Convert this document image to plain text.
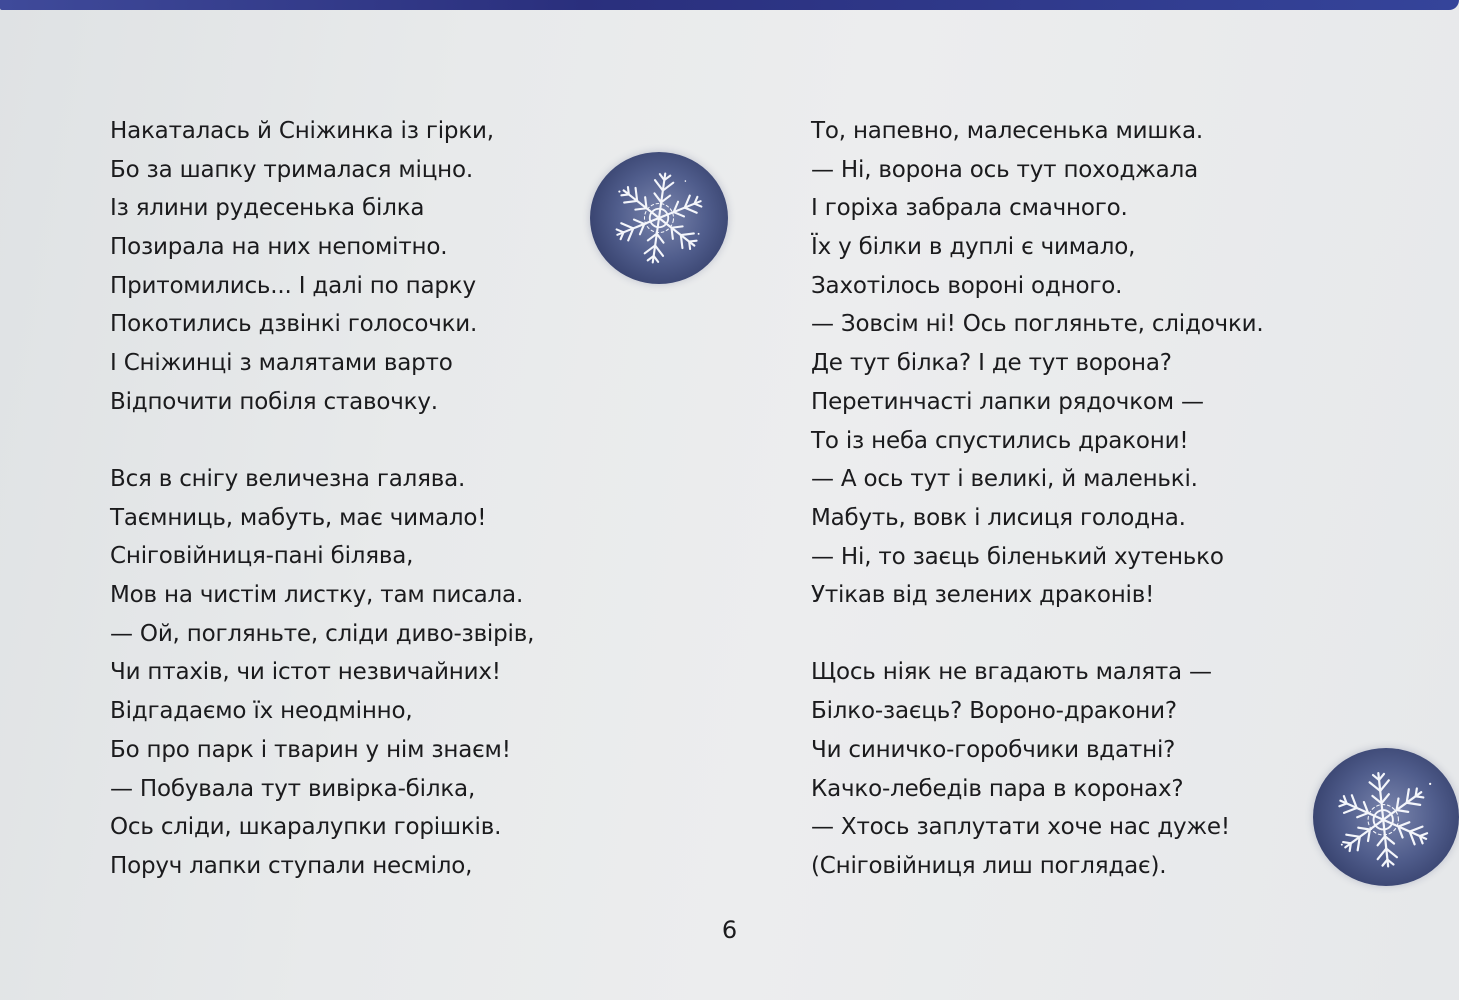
Накаталась й Сніжинка із гірки,
Бо за шапку трималася міцно.
Із ялини рудесенька білка
Позирала на них непомітно.
Притомились... І далі по парку
Покотились дзвінкі голосочки.
І Сніжинці з малятами варто
Відпочити побіля ставочку.
Вся в снігу величезна галява.
Таємниць, мабуть, має чимало!
Сніговійниця-пані білява,
Мов на чистім листку, там писала.
— Ой, погляньте, сліди диво-звірів,
Чи птахів, чи істот незвичайних!
Відгадаємо їх неодмінно,
Бо про парк і тварин у нім знаєм!
— Побувала тут вивірка-білка,
Ось сліди, шкаралупки горішків.
Поруч лапки ступали несміло,
То, напевно, малесенька мишка.
— Ні, ворона ось тут походжала
І горіха забрала смачного.
Їх у білки в дуплі є чимало,
Захотілось вороні одного.
— Зовсім ні! Ось погляньте, слідочки.
Де тут білка? І де тут ворона?
Перетинчасті лапки рядочком —
То із неба спустились дракони!
— А ось тут і великі, й маленькі.
Мабуть, вовк і лисиця голодна.
— Ні, то заєць біленький хутенько
Утікав від зелених драконів!
Щось ніяк не вгадають малята —
Білко-заєць? Вороно-дракони?
Чи синичко-горобчики вдатні?
Качко-лебедів пара в коронах?
— Хтось заплутати хоче нас дуже!
(Сніговійниця лиш поглядає).
6
